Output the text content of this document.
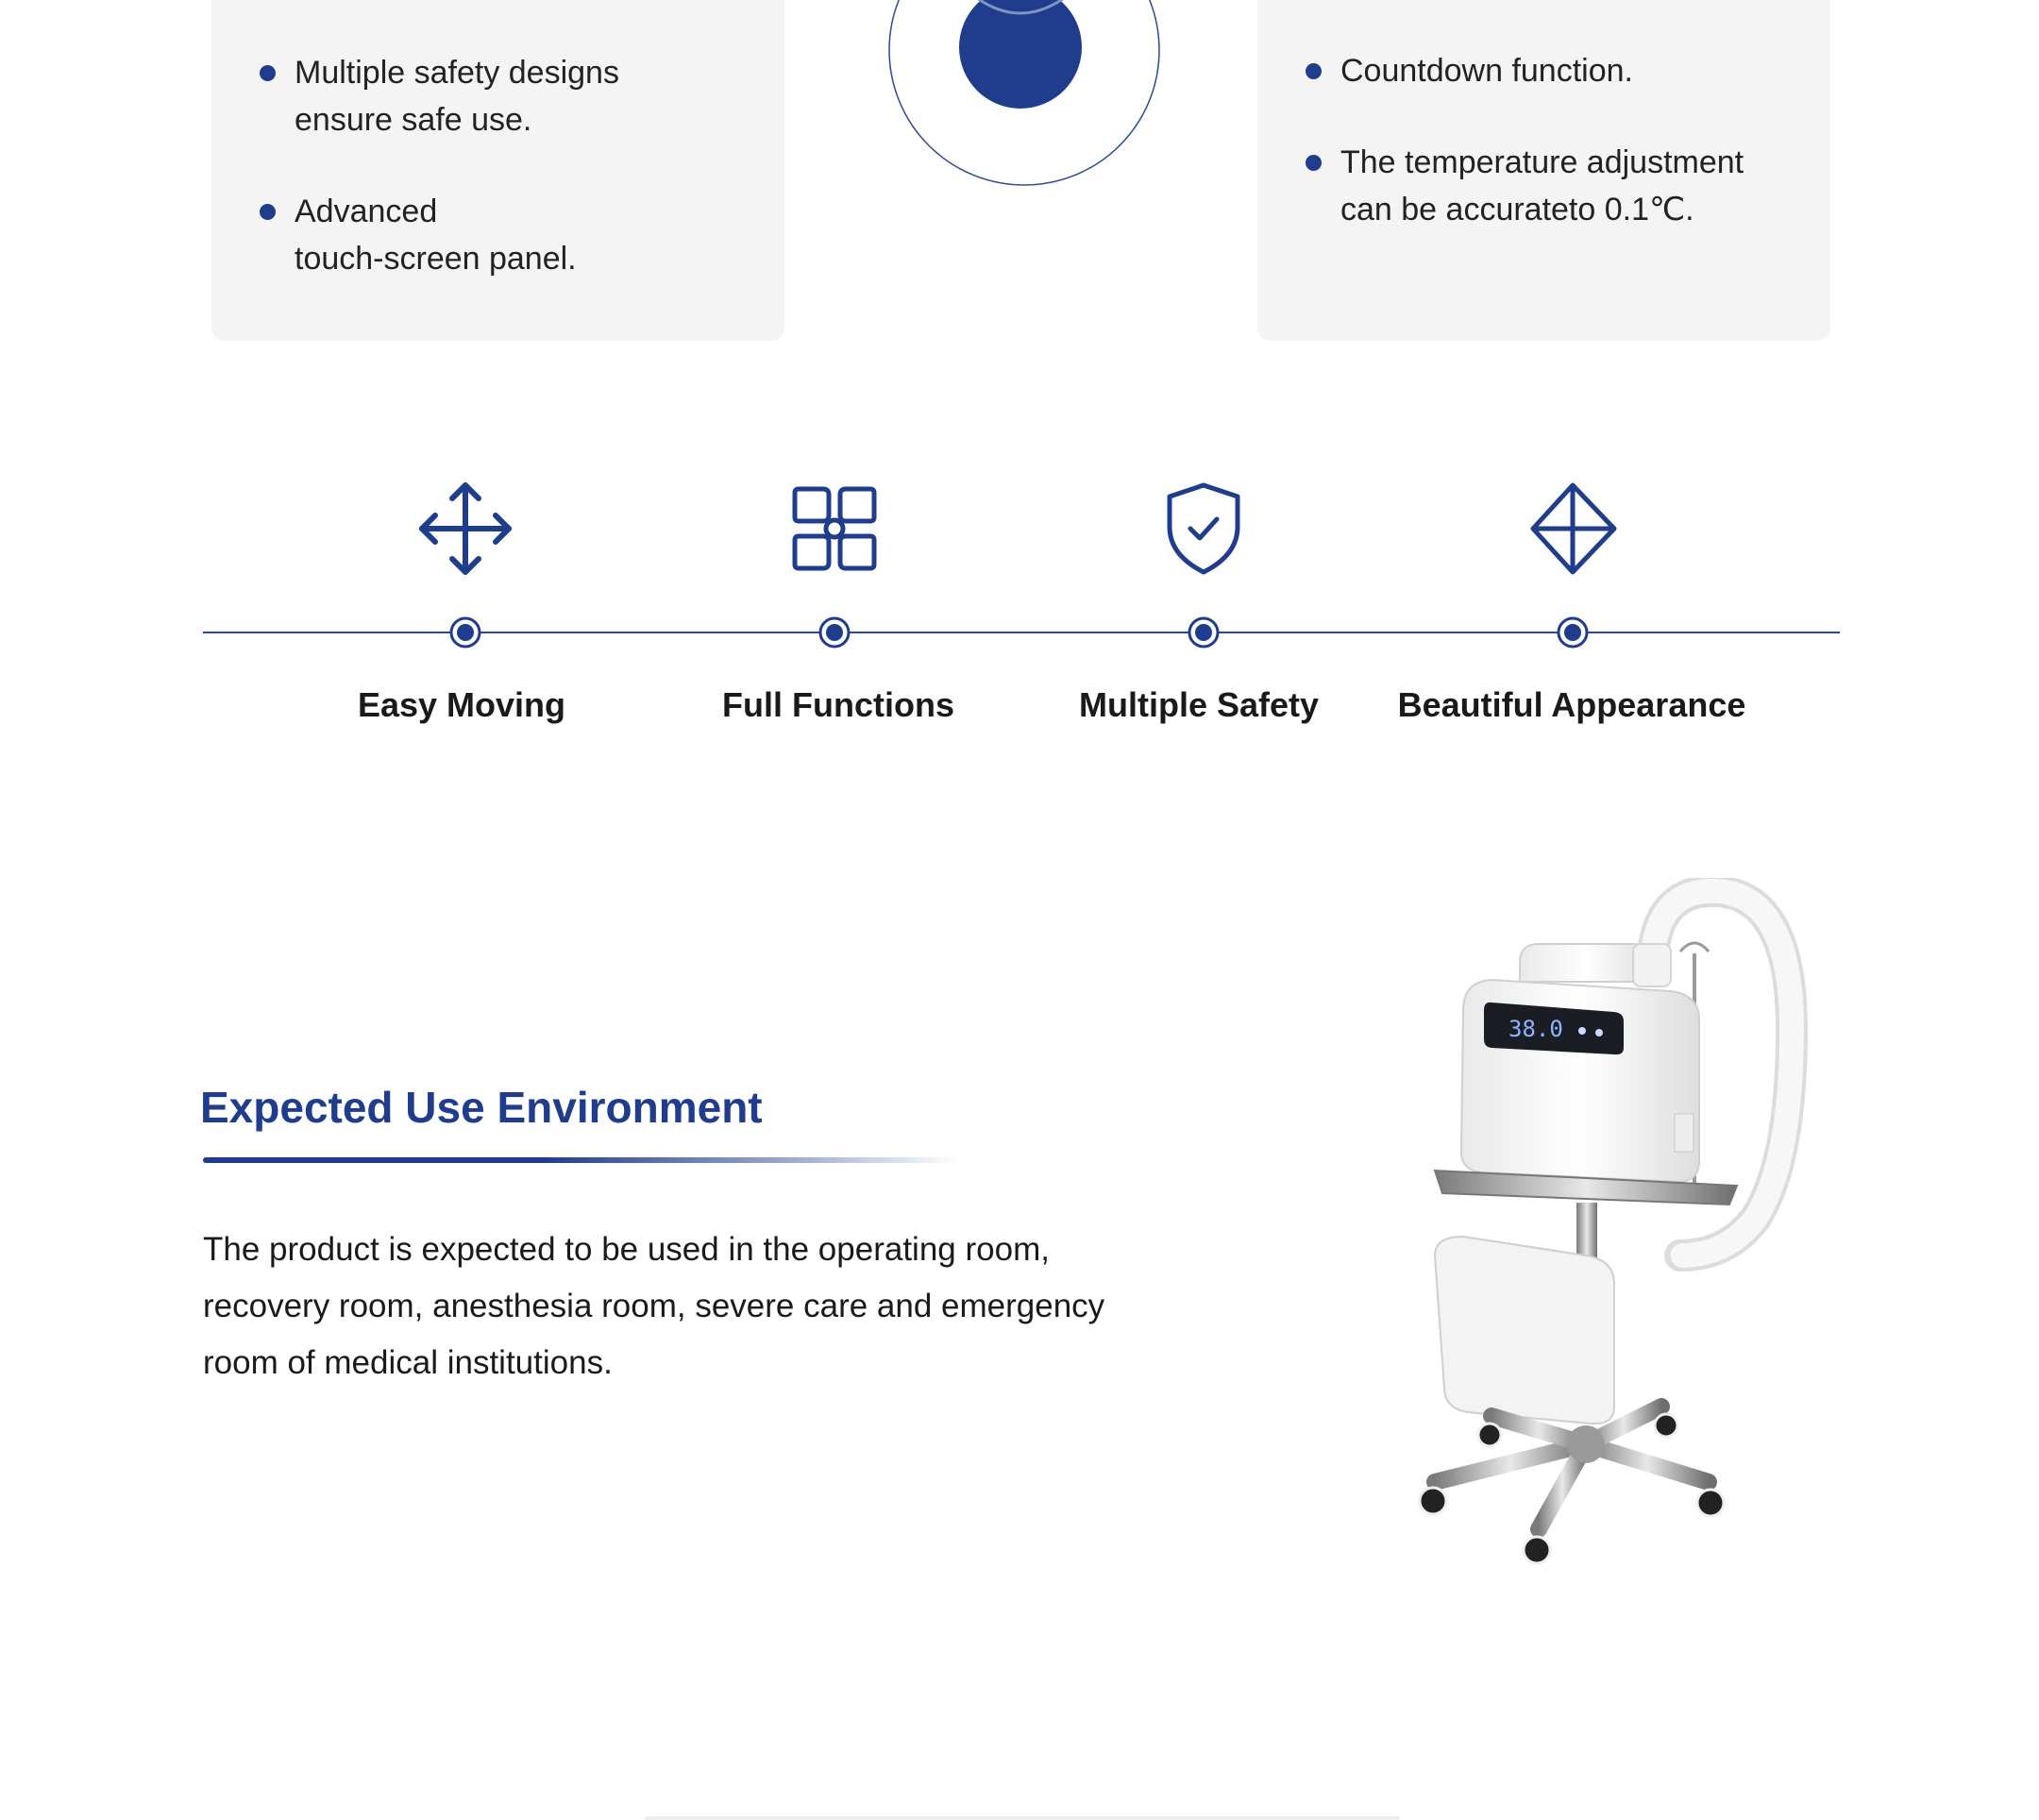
Multiple safety designs
ensure safe use.
Advanced
touch-screen panel.
Countdown function.
The temperature adjustment
can be accurateto 0.1℃.
Easy Moving	Full Functions	Multiple Safety Beautiful Appearance
Expected Use Environment
The product is expected to be used in the operating room,
recovery room, anesthesia room, severe care and emergency
room of medical institutions.
38.0
